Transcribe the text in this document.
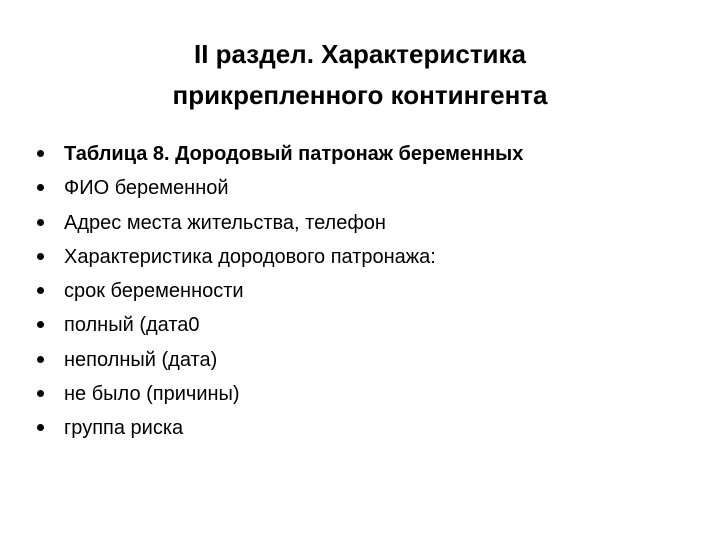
II раздел. Характеристика
прикрепленного контингента
Таблица 8. Дородовый патронаж беременных
ФИО беременной
Адрес места жительства, телефон
Характеристика дородового патронажа:
срок беременности
полный (дата0
неполный (дата)
не было (причины)
группа риска
